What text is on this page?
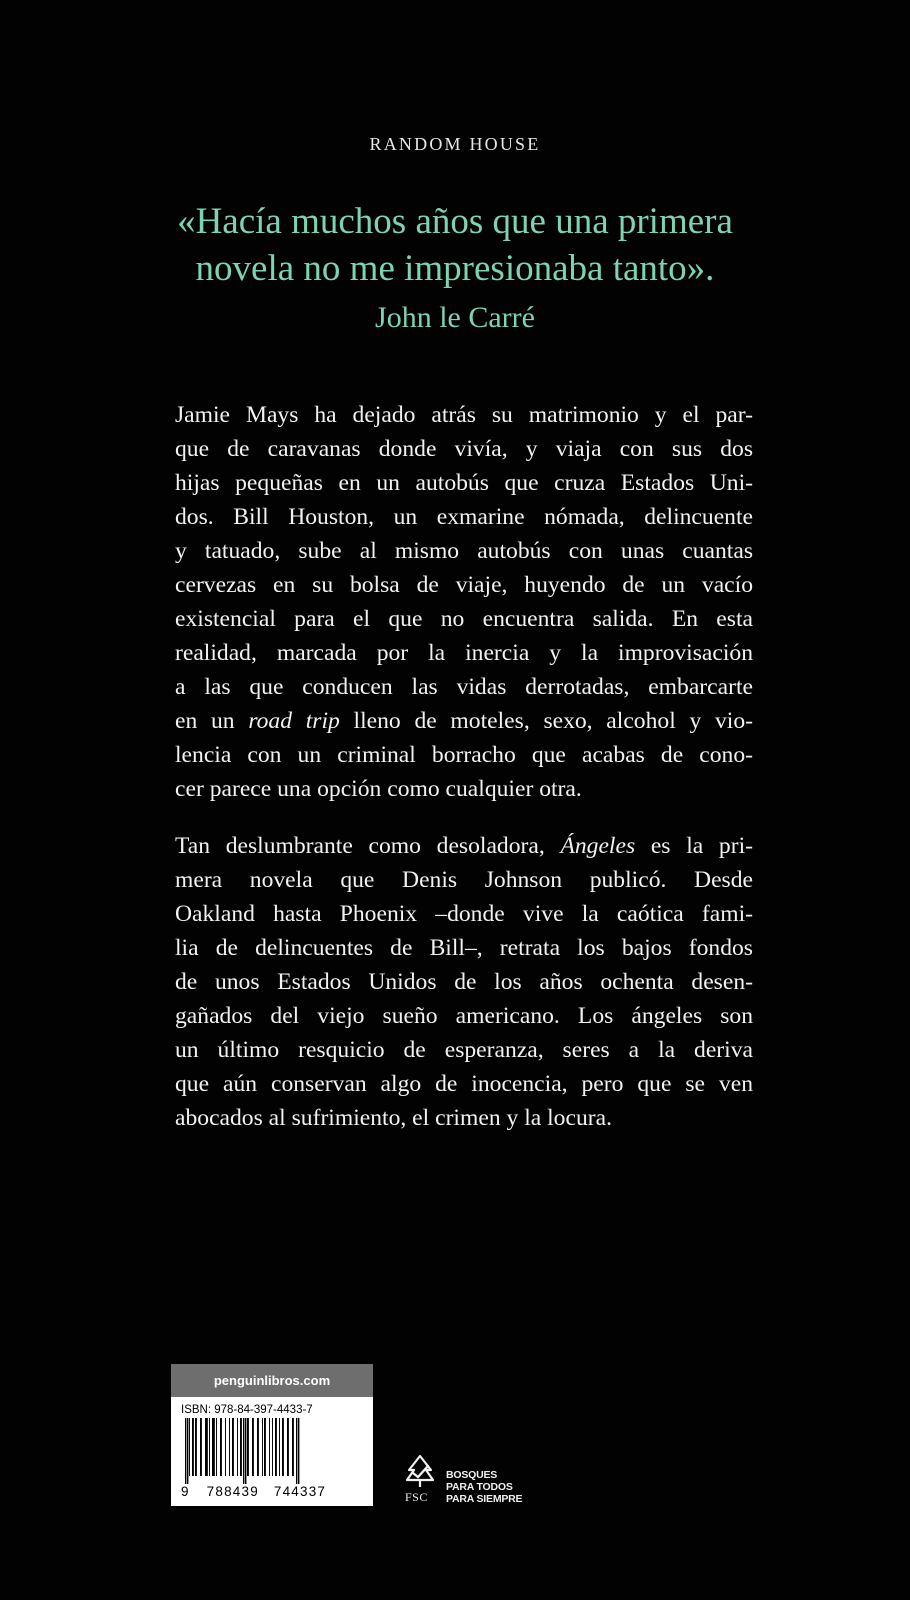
RANDOM HOUSE
«Hacía muchos años que una primera
novela no me impresionaba tanto».
John le Carré
Jamie Mays ha dejado atrás su matrimonio y el par-
que de caravanas donde vivía, y viaja con sus dos
hijas pequeñas en un autobús que cruza Estados Uni-
dos. Bill Houston, un exmarine nómada, delincuente
y tatuado, sube al mismo autobús con unas cuantas
cervezas en su bolsa de viaje, huyendo de un vacío
existencial para el que no encuentra salida. En esta
realidad, marcada por la inercia y la improvisación
a las que conducen las vidas derrotadas, embarcarte
en un road trip lleno de moteles, sexo, alcohol y vio-
lencia con un criminal borracho que acabas de cono-
cer parece una opción como cualquier otra.
Tan deslumbrante como desoladora, Ángeles es la pri-
mera novela que Denis Johnson publicó. Desde
Oakland hasta Phoenix –donde vive la caótica fami-
lia de delincuentes de Bill–, retrata los bajos fondos
de unos Estados Unidos de los años ochenta desen-
gañados del viejo sueño americano. Los ángeles son
un último resquicio de esperanza, seres a la deriva
que aún conservan algo de inocencia, pero que se ven
abocados al sufrimiento, el crimen y la locura.
penguinlibros.com
ISBN: 978-84-397-4433-7
9 788439 744337	FSC
BOSQUES
PARA TODOS
PARA SIEMPRE
